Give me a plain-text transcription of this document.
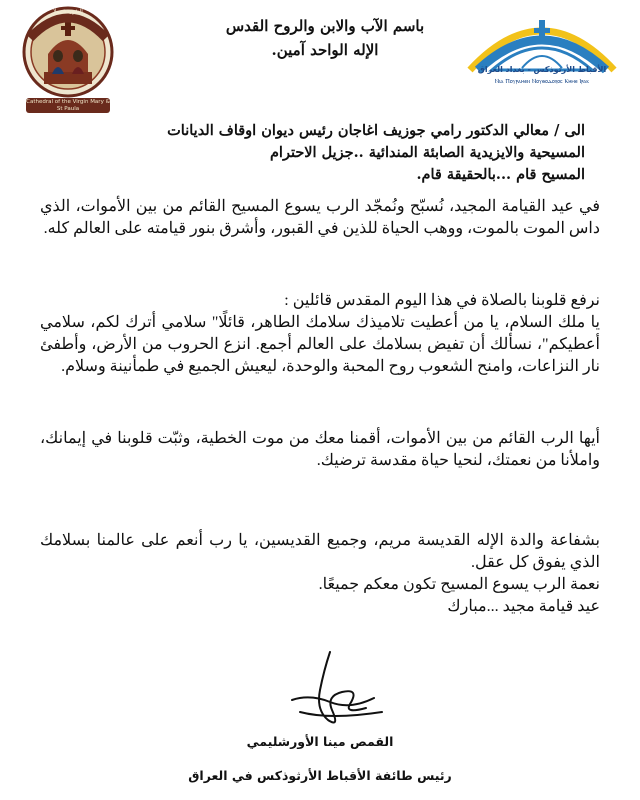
الشهيدة بولا
Cathedral of the Virgin Mary & St Paula
باسم الآب والابن والروح القدس
الإله الواحد آمين.
الأقباط الأرثوذكس - بغداد العراق
Ⲛⲓⲁ Ⲡⲟⲩⲣⲁⲙⲉⲛ Ⲛⲟⲩⲑⲟⲇⲟⲝⲟⲥ Ⲕⲏⲙⲉ Ⲓⲣⲁⲕ
الى / معالي الدكتور رامي جوزيف اغاجان رئيس ديوان اوقاف الديانات
المسيحية والايزيدية الصابئة المندائية ..جزيل الاحترام
المسيح قام ...بالحقيقة قام.
في عيد القيامة المجيد، نُسبّح ونُمجّد الرب يسوع المسيح القائم من بين الأموات، الذي داس الموت بالموت، ووهب الحياة للذين في القبور، وأشرق بنور قيامته على العالم كله.
نرفع قلوبنا بالصلاة في هذا اليوم المقدس قائلين :
يا ملك السلام، يا من أعطيت تلاميذك سلامك الطاهر، قائلًا" سلامي أترك لكم، سلامي أعطيكم"، نسألك أن تفيض بسلامك على العالم أجمع. انزع الحروب من الأرض، وأطفئ نار النزاعات، وامنح الشعوب روح المحبة والوحدة، ليعيش الجميع في طمأنينة وسلام.
أيها الرب القائم من بين الأموات، أقمنا معك من موت الخطية، وثبّت قلوبنا في إيمانك، واملأنا من نعمتك، لنحيا حياة مقدسة ترضيك.
بشفاعة والدة الإله القديسة مريم، وجميع القديسين، يا رب أنعم على عالمنا بسلامك الذي يفوق كل عقل.
نعمة الرب يسوع المسيح تكون معكم جميعًا.
عيد قيامة مجيد ...مبارك
القمص مينا الأورشليمي
رئيس طائفة الأقباط الأرثوذكس في العراق
